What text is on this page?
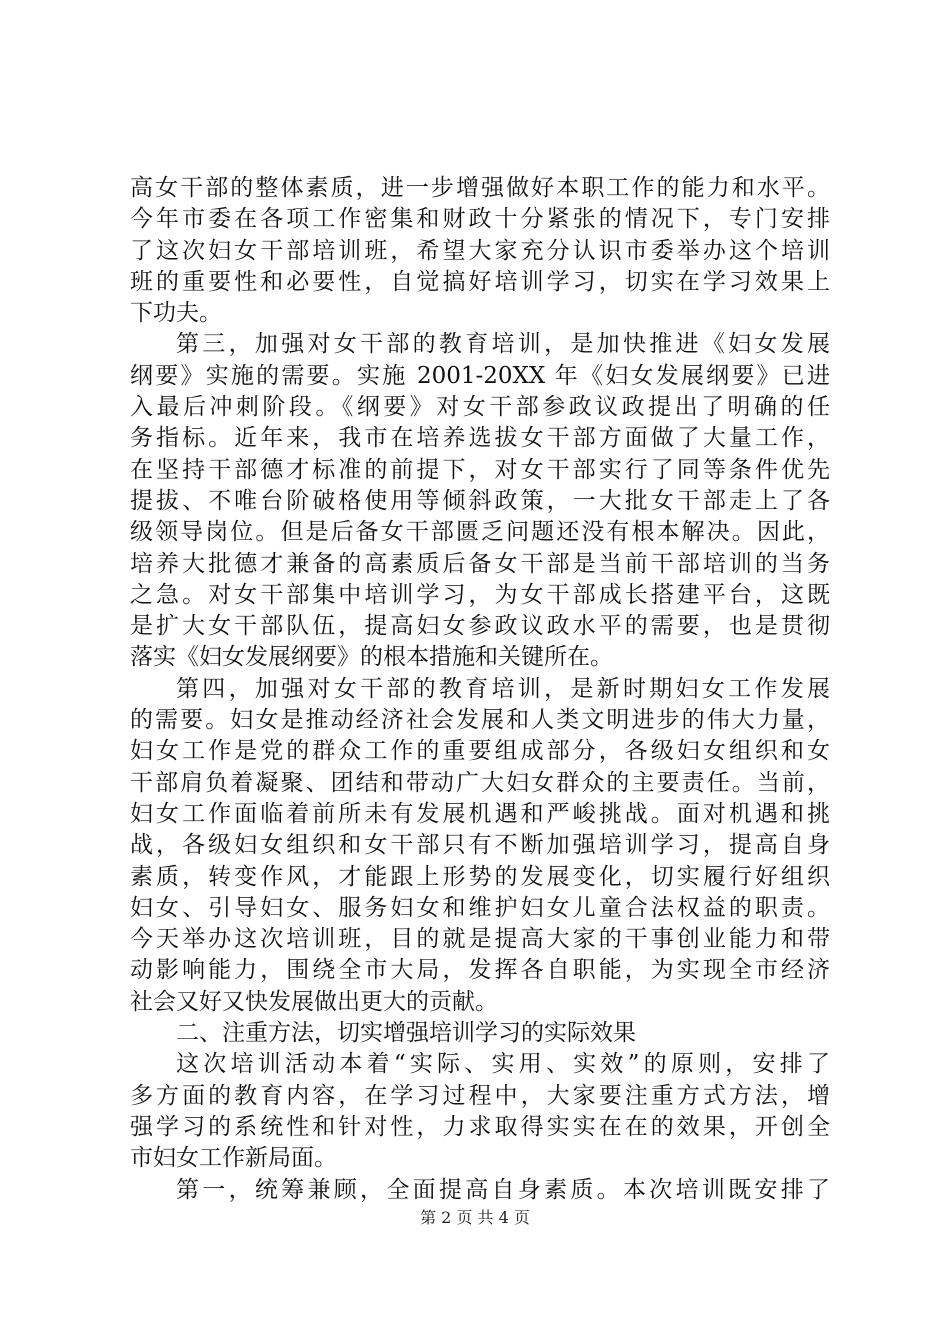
高女干部的整体素质，进一步增强做好本职工作的能力和水平。
今年市委在各项工作密集和财政十分紧张的情况下，专门安排
了这次妇女干部培训班，希望大家充分认识市委举办这个培训
班的重要性和必要性，自觉搞好培训学习，切实在学习效果上
下功夫。
第三，加强对女干部的教育培训，是加快推进《妇女发展
纲要》实施的需要。实施 2001-20XX 年《妇女发展纲要》已进
入最后冲刺阶段。《纲要》对女干部参政议政提出了明确的任
务指标。近年来，我市在培养选拔女干部方面做了大量工作，
在坚持干部德才标准的前提下，对女干部实行了同等条件优先
提拔、不唯台阶破格使用等倾斜政策，一大批女干部走上了各
级领导岗位。但是后备女干部匮乏问题还没有根本解决。因此，
培养大批德才兼备的高素质后备女干部是当前干部培训的当务
之急。对女干部集中培训学习，为女干部成长搭建平台，这既
是扩大女干部队伍，提高妇女参政议政水平的需要，也是贯彻
落实《妇女发展纲要》的根本措施和关键所在。
第四，加强对女干部的教育培训，是新时期妇女工作发展
的需要。妇女是推动经济社会发展和人类文明进步的伟大力量，
妇女工作是党的群众工作的重要组成部分，各级妇女组织和女
干部肩负着凝聚、团结和带动广大妇女群众的主要责任。当前，
妇女工作面临着前所未有发展机遇和严峻挑战。面对机遇和挑
战，各级妇女组织和女干部只有不断加强培训学习，提高自身
素质，转变作风，才能跟上形势的发展变化，切实履行好组织
妇女、引导妇女、服务妇女和维护妇女儿童合法权益的职责。
今天举办这次培训班，目的就是提高大家的干事创业能力和带
动影响能力，围绕全市大局，发挥各自职能，为实现全市经济
社会又好又快发展做出更大的贡献。
二、注重方法，切实增强培训学习的实际效果
这次培训活动本着“实际、实用、实效”的原则，安排了
多方面的教育内容，在学习过程中，大家要注重方式方法，增
强学习的系统性和针对性，力求取得实实在在的效果，开创全
市妇女工作新局面。
第一，统筹兼顾，全面提高自身素质。本次培训既安排了
第 2 页 共 4 页
